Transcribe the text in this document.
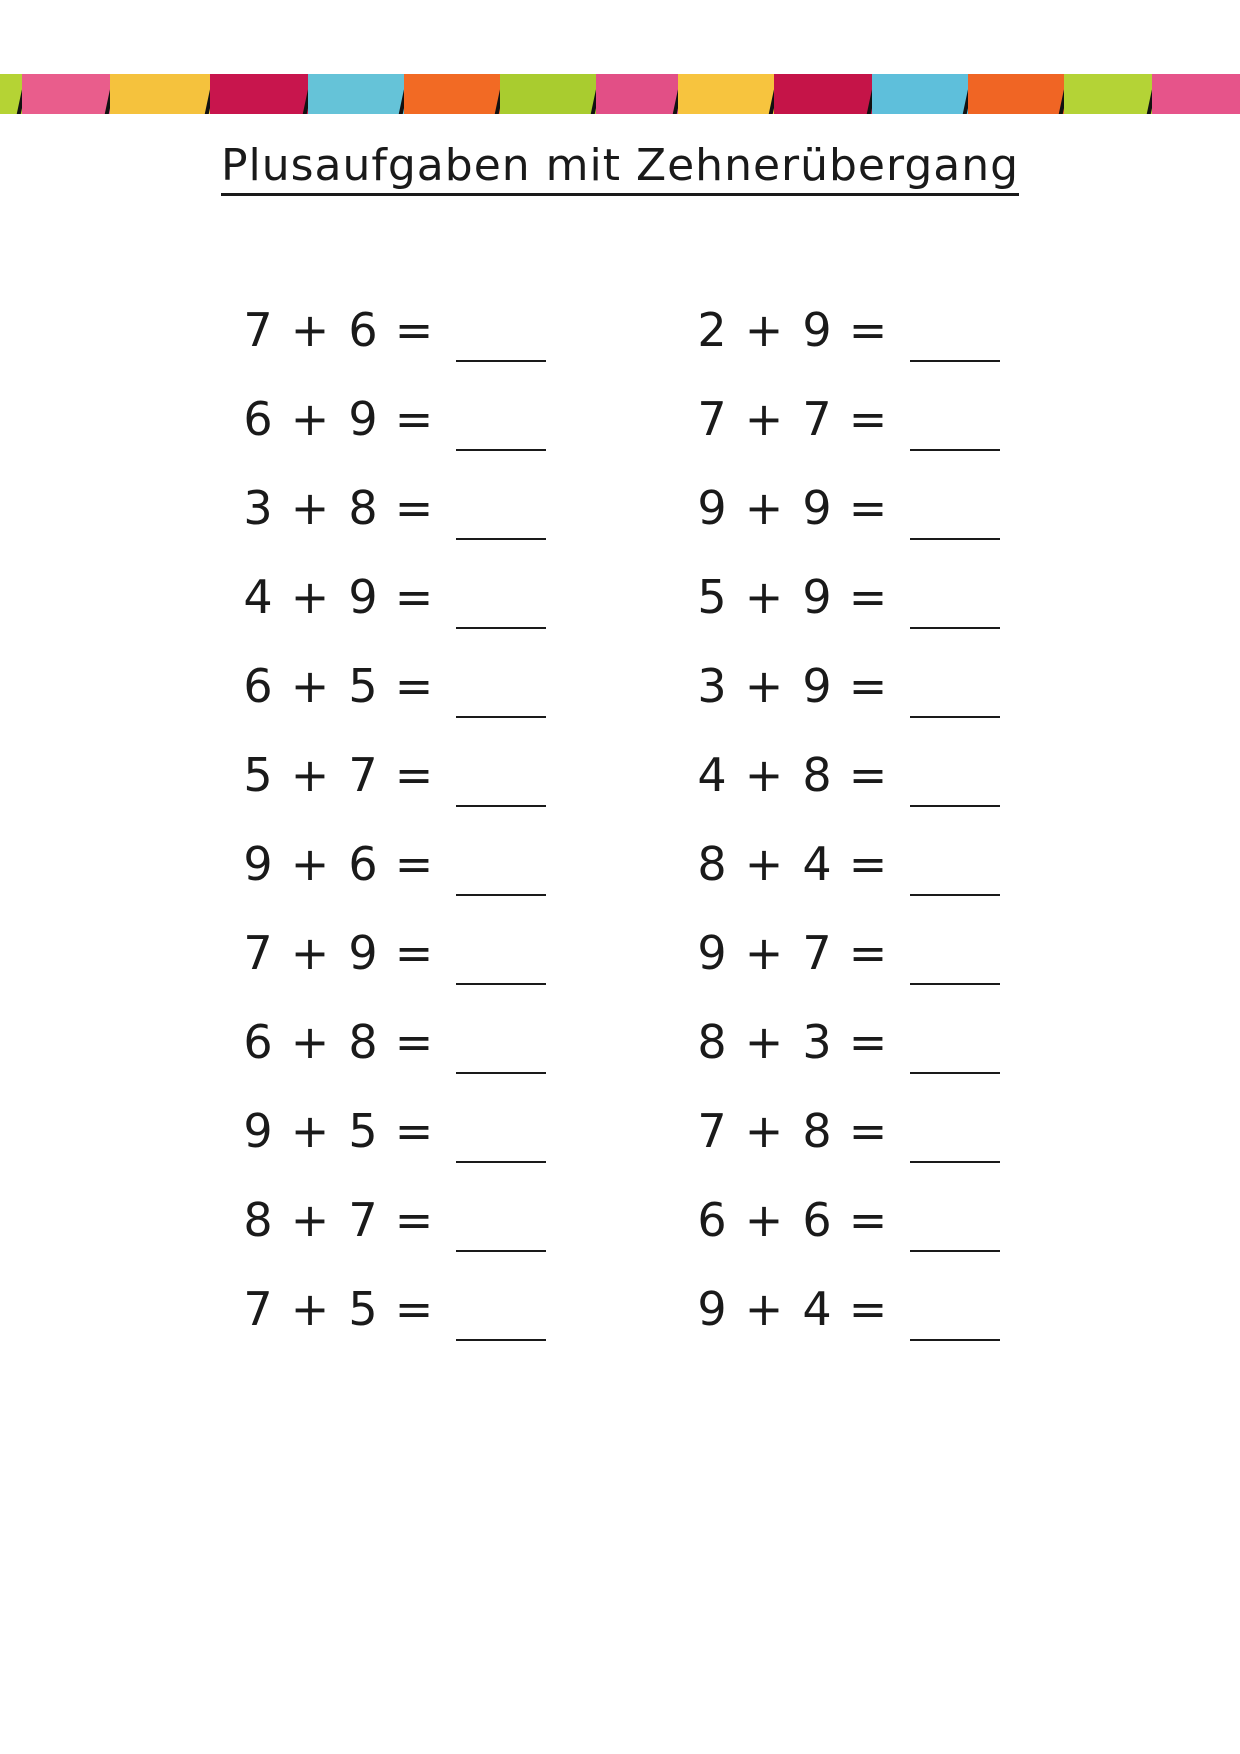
Plusaufgaben mit Zehnerübergang
7 + 6 =
6 + 9 =
3 + 8 =
4 + 9 =
6 + 5 =
5 + 7 =
9 + 6 =
7 + 9 =
6 + 8 =
9 + 5 =
8 + 7 =
7 + 5 =
2 + 9 =
7 + 7 =
9 + 9 =
5 + 9 =
3 + 9 =
4 + 8 =
8 + 4 =
9 + 7 =
8 + 3 =
7 + 8 =
6 + 6 =
9 + 4 =
